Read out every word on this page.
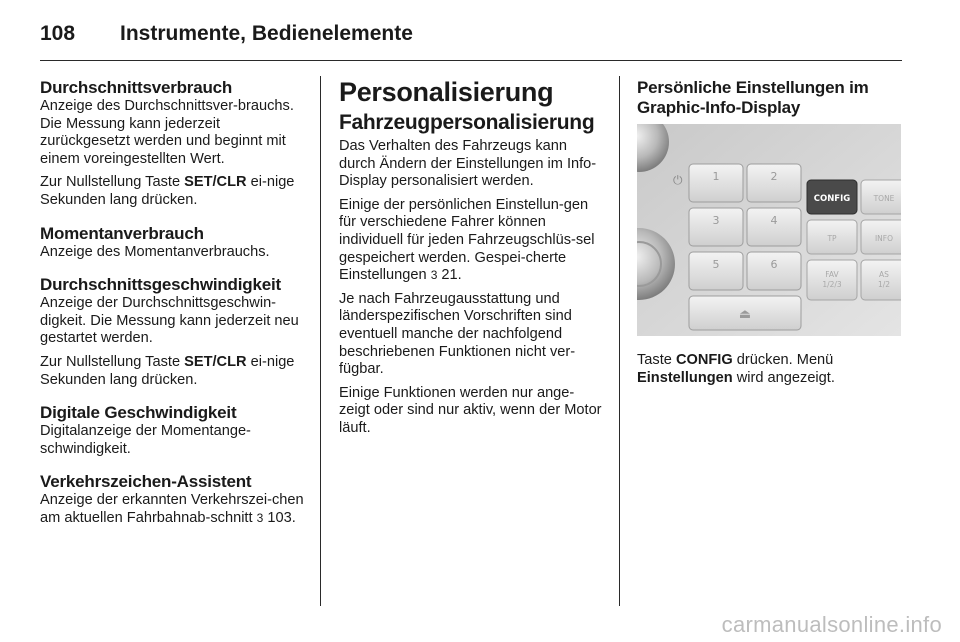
108	Instrumente, Bedienelemente
Durchschnittsverbrauch

Anzeige des Durchschnittsver-brauchs. Die Messung kann jederzeit zurückgesetzt werden und beginnt mit einem voreingestellten Wert.

Zur Nullstellung Taste SET/CLR ei-nige Sekunden lang drücken.

Momentanverbrauch

Anzeige des Momentanverbrauchs.

Durchschnittsgeschwindigkeit

Anzeige der Durchschnittsgeschwin-digkeit. Die Messung kann jederzeit neu gestartet werden.

Zur Nullstellung Taste SET/CLR ei-nige Sekunden lang drücken.

Digitale Geschwindigkeit

Digitalanzeige der Momentange-schwindigkeit.

Verkehrszeichen-Assistent

Anzeige der erkannten Verkehrszei-chen am aktuellen Fahrbahnab-schnitt 3 103.

Personalisierung
Fahrzeugpersonalisierung

Das Verhalten des Fahrzeugs kann durch Ändern der Einstellungen im Info-Display personalisiert werden.

Einige der persönlichen Einstellun-gen für verschiedene Fahrer können individuell für jeden Fahrzeugschlüs-sel gespeichert werden. Gespei-cherte Einstellungen 3 21.

Je nach Fahrzeugausstattung und länderspezifischen Vorschriften sind eventuell manche der nachfolgend beschriebenen Funktionen nicht ver-fügbar.

Einige Funktionen werden nur ange-zeigt oder sind nur aktiv, wenn der Motor läuft.

Persönliche Einstellungen im Graphic-Info-Display
⏻	1	2
3	4
5	6
⏏
CONFIG	TONE
TP	INFO
FAV
1/2/3
AS
1/2

Taste CONFIG drücken. Menü
Einstellungen wird angezeigt.

carmanualsonline.info
